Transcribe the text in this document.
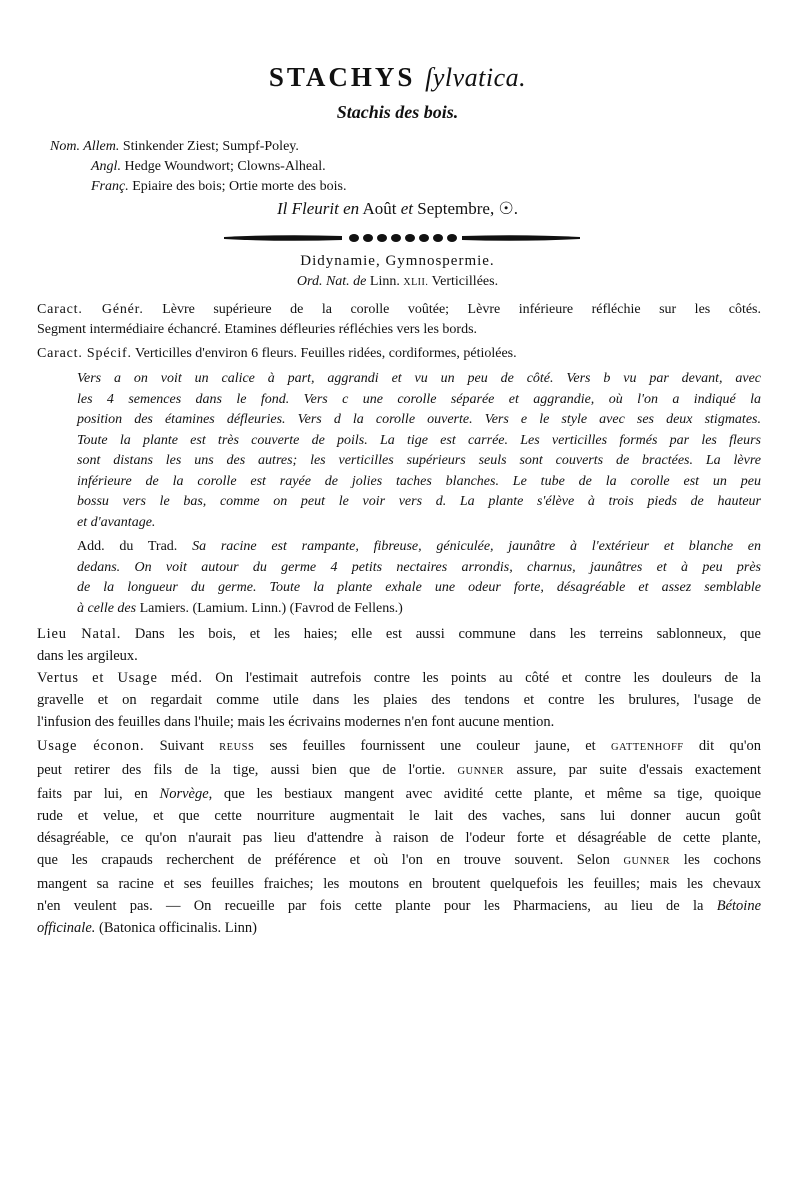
STACHYS ſylvatica.
Stachis des bois.
Nom. Allem. Stinkender Ziest; Sumpf-Poley.
Angl. Hedge Woundwort; Clowns-Alheal.
Franç. Epiaire des bois; Ortie morte des bois.
Il Fleurit en Août et Septembre, ☉.
Didynamie, Gymnospermie.
Ord. Nat. de Linn. XLII. Verticillées.
Caract. Génér. Lèvre supérieure de la corolle voûtée; Lèvre inférieure réfléchie sur les côtés.
Segment intermédiaire échancré. Etamines défleuries réfléchies vers les bords.
Caract. Spécif. Verticilles d'environ 6 fleurs. Feuilles ridées, cordiformes, pétiolées.
Vers a on voit un calice à part, aggrandi et vu un peu de côté. Vers b vu par devant, avec
les 4 semences dans le fond. Vers c une corolle séparée et aggrandie, où l'on a indiqué la
position des étamines défleuries. Vers d la corolle ouverte. Vers e le style avec ses deux stigmates.
Toute la plante est très couverte de poils. La tige est carrée. Les verticilles formés par les fleurs
sont distans les uns des autres; les verticilles supérieurs seuls sont couverts de bractées. La lèvre
inférieure de la corolle est rayée de jolies taches blanches. Le tube de la corolle est un peu
bossu vers le bas, comme on peut le voir vers d. La plante s'élève à trois pieds de hauteur
et d'avantage.
Add. du Trad. Sa racine est rampante, fibreuse, géniculée, jaunâtre à l'extérieur et blanche en
dedans. On voit autour du germe 4 petits nectaires arrondis, charnus, jaunâtres et à peu près
de la longueur du germe. Toute la plante exhale une odeur forte, désagréable et assez semblable
à celle des Lamiers. (Lamium. Linn.) (Favrod de Fellens.)
Lieu Natal. Dans les bois, et les haies; elle est aussi commune dans les terreins sablonneux, que
dans les argileux.
Vertus et Usage méd. On l'estimait autrefois contre les points au côté et contre les douleurs de la
gravelle et on regardait comme utile dans les plaies des tendons et contre les brulures, l'usage de
l'infusion des feuilles dans l'huile; mais les écrivains modernes n'en font aucune mention.
Usage éconon. Suivant REUSS ses feuilles fournissent une couleur jaune, et GATTENHOFF dit qu'on
peut retirer des fils de la tige, aussi bien que de l'ortie. GUNNER assure, par suite d'essais exactement
faits par lui, en Norvège, que les bestiaux mangent avec avidité cette plante, et même sa tige, quoique
rude et velue, et que cette nourriture augmentait le lait des vaches, sans lui donner aucun goût
désagréable, ce qu'on n'aurait pas lieu d'attendre à raison de l'odeur forte et désagréable de cette plante,
que les crapauds recherchent de préférence et où l'on en trouve souvent. Selon GUNNER les cochons
mangent sa racine et ses feuilles fraiches; les moutons en broutent quelquefois les feuilles; mais les chevaux
n'en veulent pas. — On recueille par fois cette plante pour les Pharmaciens, au lieu de la Bétoine
officinale. (Batonica officinalis. Linn)
